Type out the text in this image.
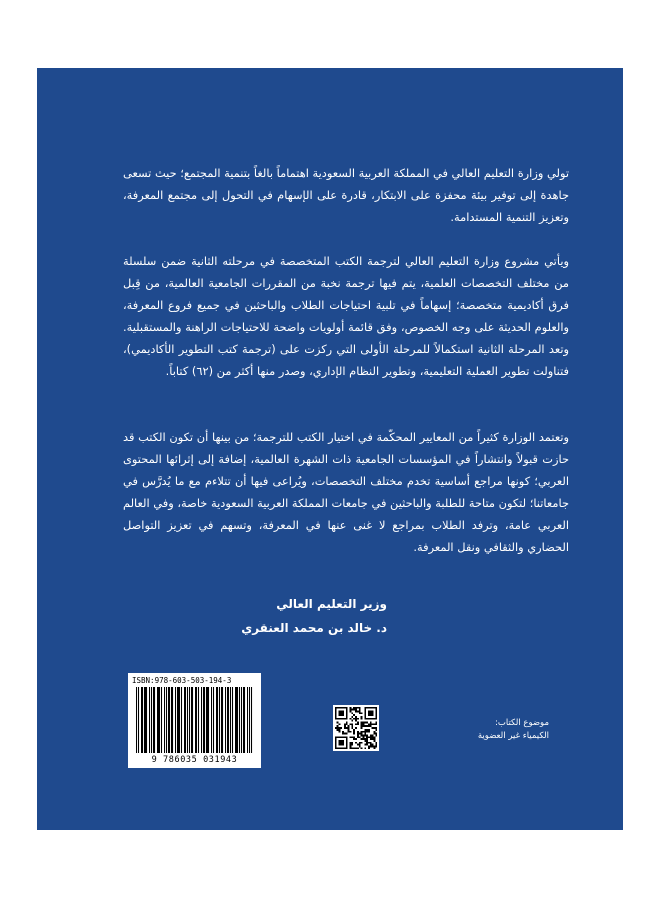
تولي وزارة التعليم العالي في المملكة العربية السعودية اهتماماً بالغاً بتنمية المجتمع؛ حيث تسعى جاهدة إلى توفير بيئة محفزة على الابتكار، قادرة على الإسهام في التحول إلى مجتمع المعرفة، وتعزيز التنمية المستدامة.

ويأتي مشروع وزارة التعليم العالي لترجمة الكتب المتخصصة في مرحلته الثانية ضمن سلسلة من مختلف التخصصات العلمية، يتم فيها ترجمة نخبة من المقررات الجامعية العالمية، من قِبل فرق أكاديمية متخصصة؛ إسهاماً في تلبية احتياجات الطلاب والباحثين في جميع فروع المعرفة، والعلوم الحديثة على وجه الخصوص، وفق قائمة أولويات واضحة للاحتياجات الراهنة والمستقبلية. وتعد المرحلة الثانية استكمالاً للمرحلة الأولى التي ركزت على (ترجمة كتب التطوير الأكاديمي)، فتناولت تطوير العملية التعليمية، وتطوير النظام الإداري، وصدر منها أكثر من (٦٢) كتاباً.

وتعتمد الوزارة كثيراً من المعايير المحكّمة في اختيار الكتب للترجمة؛ من بينها أن تكون الكتب قد حازت قبولاً وانتشاراً في المؤسسات الجامعية ذات الشهرة العالمية، إضافة إلى إثرائها المحتوى العربي؛ كونها مراجع أساسية تخدم مختلف التخصصات، ويُراعى فيها أن تتلاءم مع ما يُدرَّس في جامعاتنا؛ لتكون متاحة للطلبة والباحثين في جامعات المملكة العربية السعودية خاصة، وفي العالم العربي عامة، وترفد الطلاب بمراجع لا غنى عنها في المعرفة، وتسهم في تعزيز التواصل الحضاري والثقافي ونقل المعرفة.

وزير التعليم العالي
د. خالد بن محمد العنقري
ISBN:978-603-503-194-3
9 786035 031943
موضوع الكتاب:
الكيمياء غير العضوية
